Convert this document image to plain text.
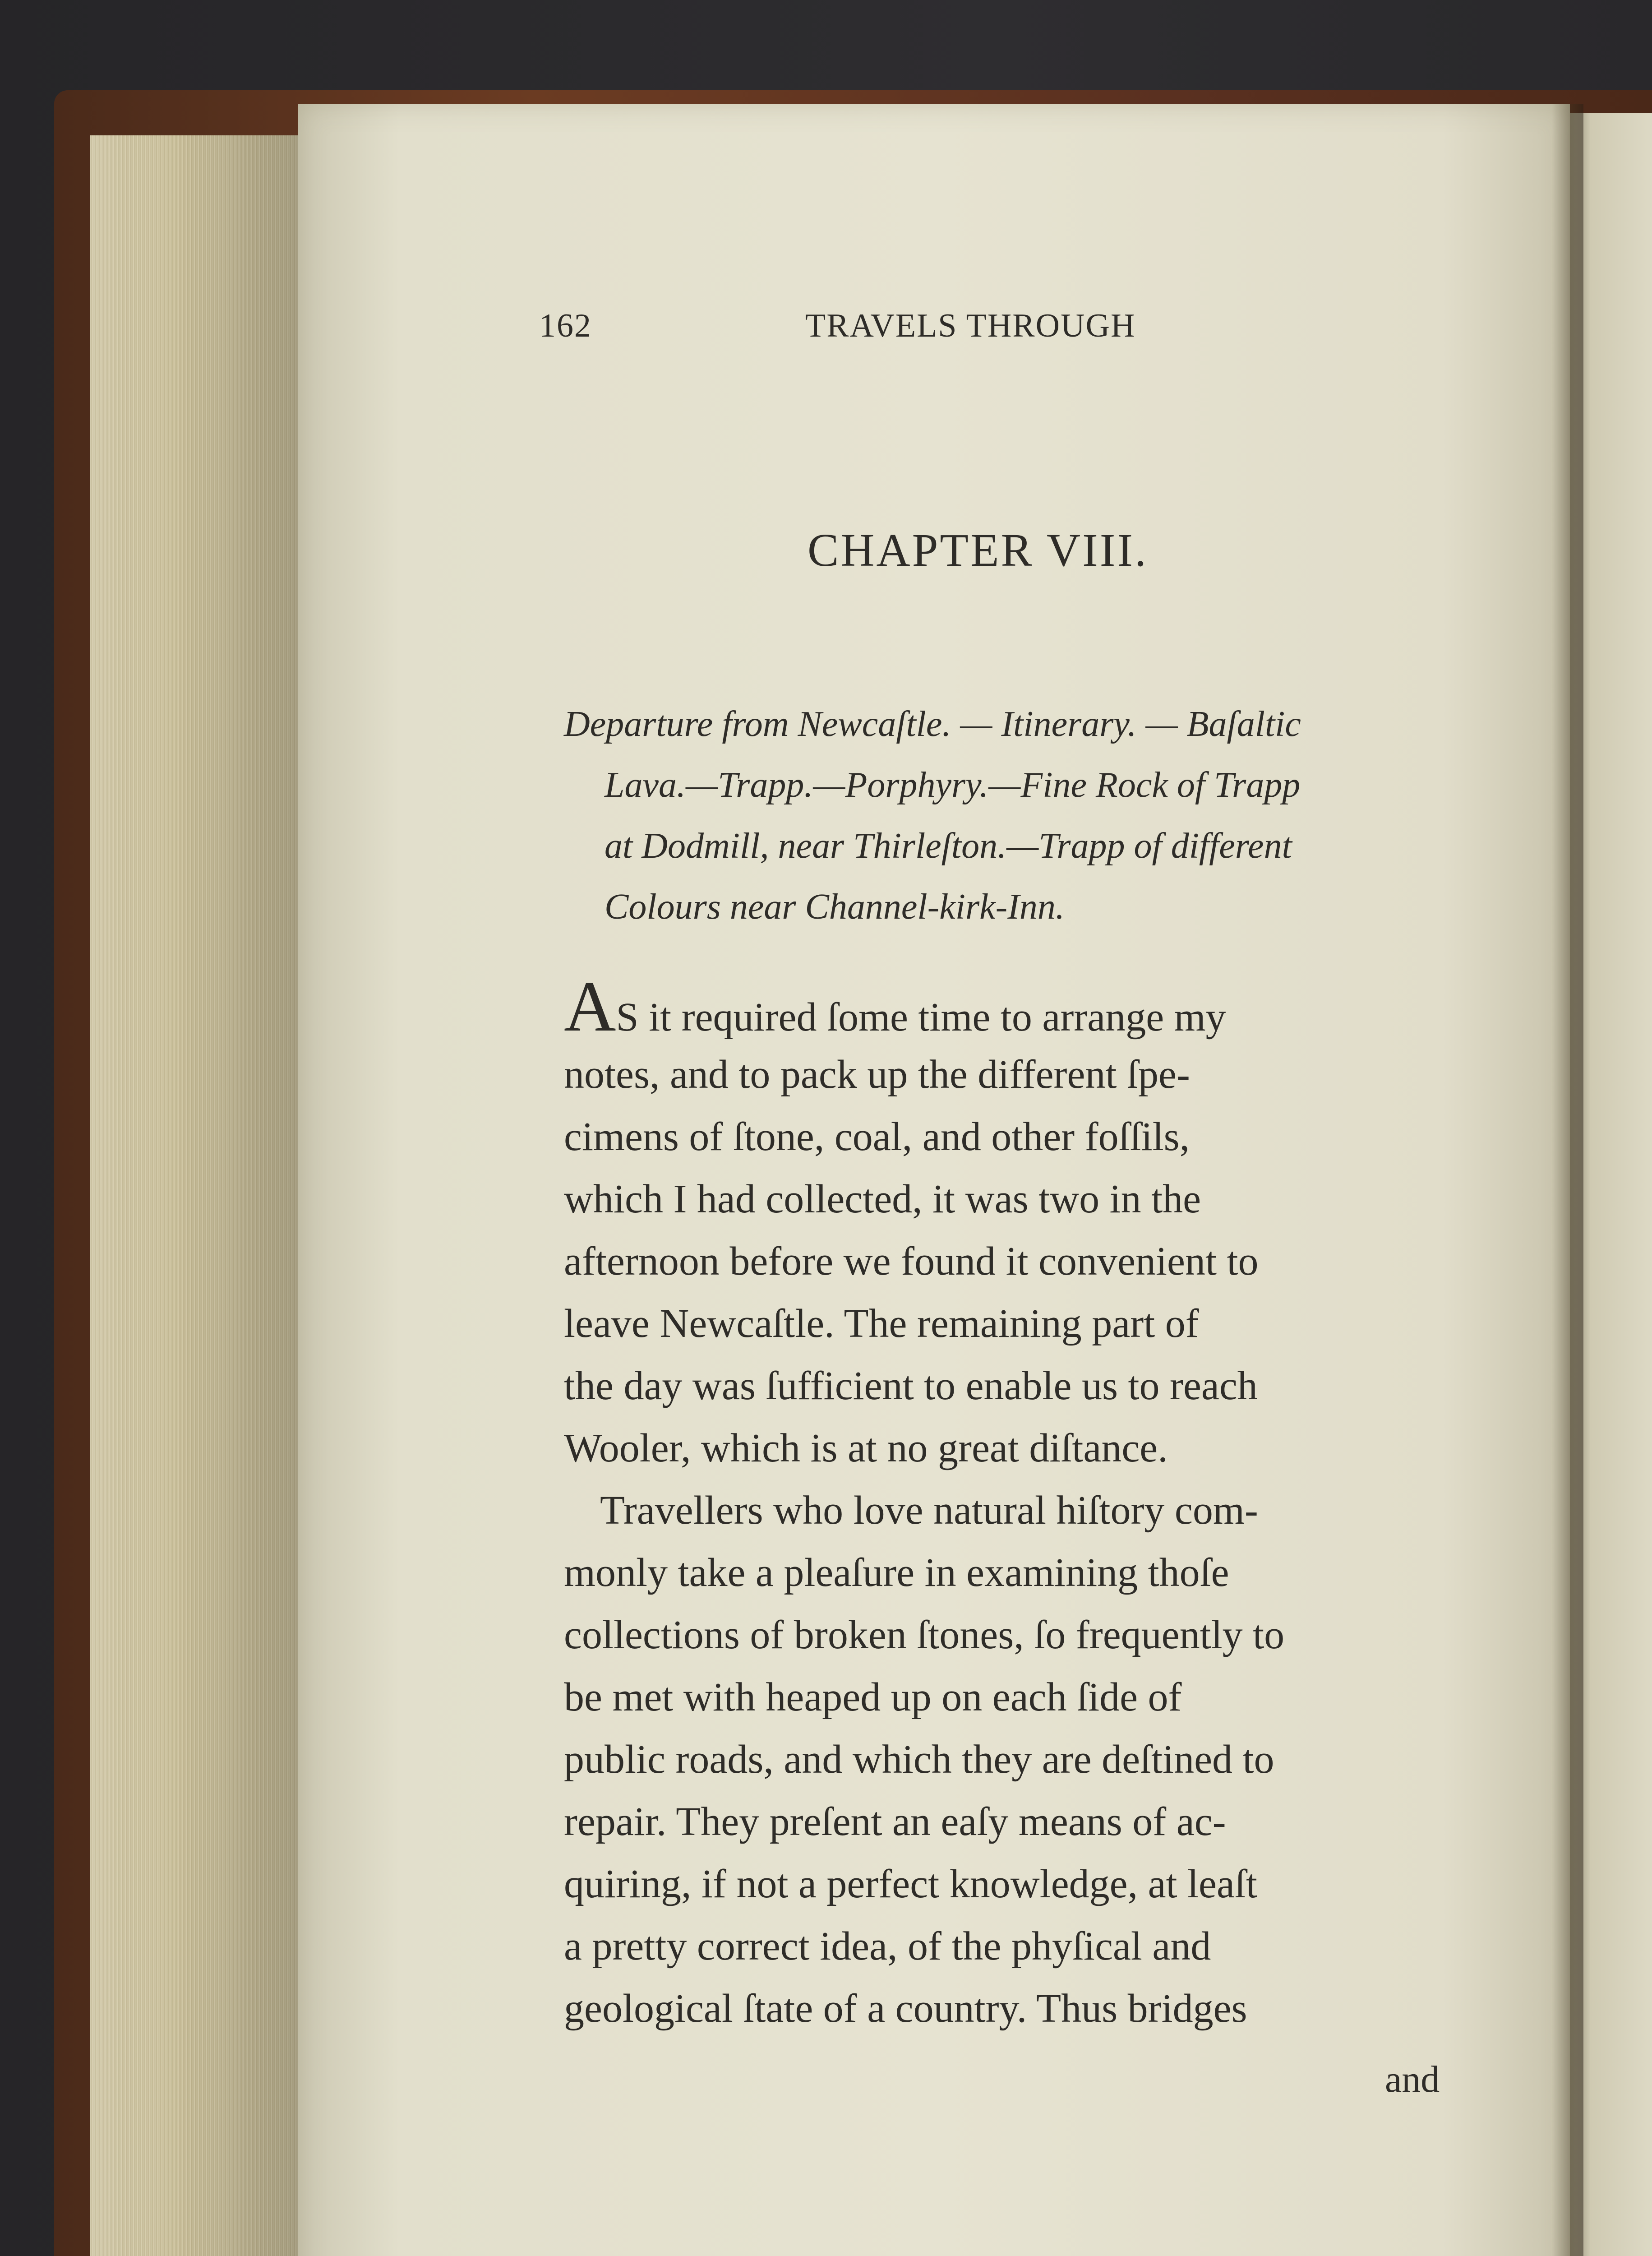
162	TRAVELS THROUGH
CHAPTER VIII.
Departure from Newcaſtle. — Itinerary. — Baſaltic
Lava.—Trapp.—Porphyry.—Fine Rock of Trapp
at Dodmill, near Thirleſton.—Trapp of different
Colours near Channel-kirk-Inn.
AS it required ſome time to arrange my
notes, and to pack up the different ſpe-
cimens of ſtone, coal, and other foſſils,
which I had collected, it was two in the
afternoon before we found it convenient to
leave Newcaſtle. The remaining part of
the day was ſufficient to enable us to reach
Wooler, which is at no great diſtance.
Travellers who love natural hiſtory com-
monly take a pleaſure in examining thoſe
collections of broken ſtones, ſo frequently to
be met with heaped up on each ſide of
public roads, and which they are deſtined to
repair. They preſent an eaſy means of ac-
quiring, if not a perfect knowledge, at leaſt
a pretty correct idea, of the phyſical and
geological ſtate of a country. Thus bridges
and
